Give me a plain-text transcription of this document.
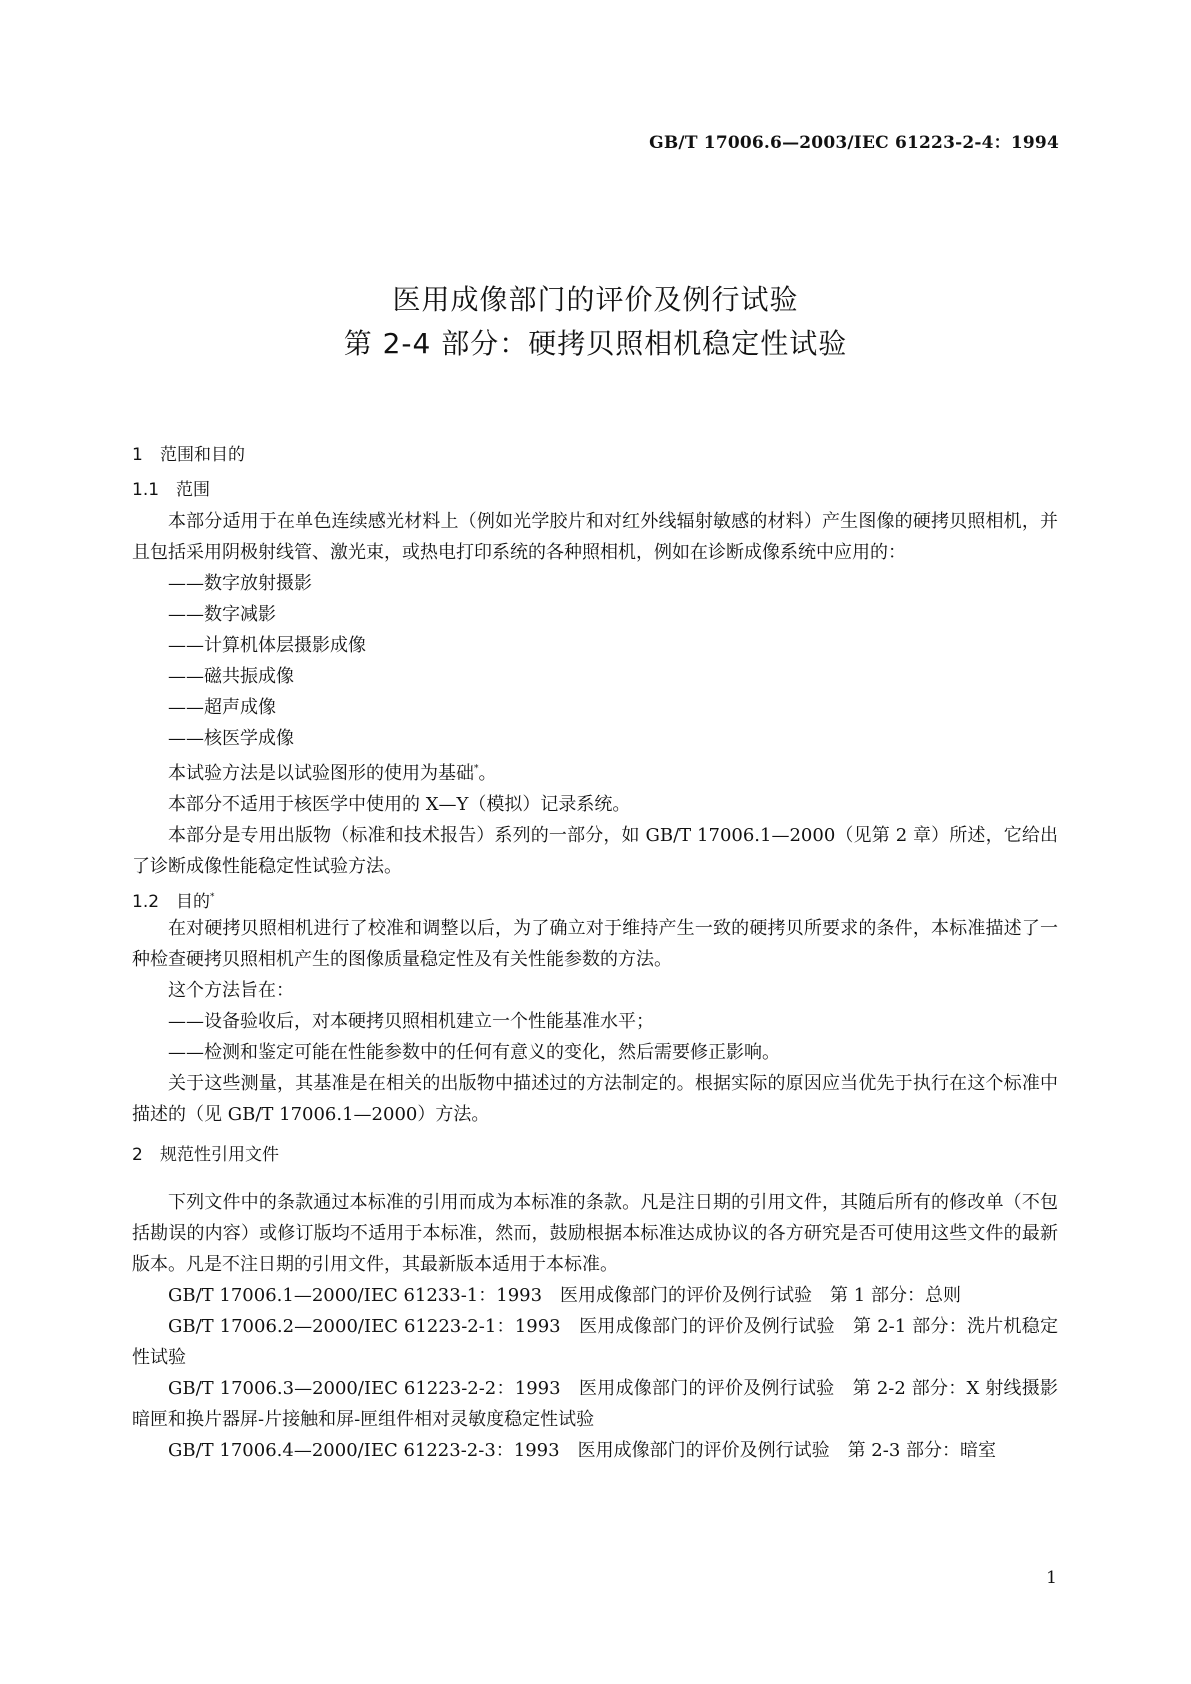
GB/T 17006.6—2003/IEC 61223-2-4：1994
医用成像部门的评价及例行试验
第 2-4 部分：硬拷贝照相机稳定性试验
1 范围和目的
1.1 范围

本部分适用于在单色连续感光材料上（例如光学胶片和对红外线辐射敏感的材料）产生图像的硬拷贝照相机，并且包括采用阴极射线管、激光束，或热电打印系统的各种照相机，例如在诊断成像系统中应用的：

——数字放射摄影

——数字减影

——计算机体层摄影成像

——磁共振成像

——超声成像

——核医学成像

本试验方法是以试验图形的使用为基础*。

本部分不适用于核医学中使用的 X—Y（模拟）记录系统。

本部分是专用出版物（标准和技术报告）系列的一部分，如 GB/T 17006.1—2000（见第 2 章）所述，它给出了诊断成像性能稳定性试验方法。

1.2 目的*

在对硬拷贝照相机进行了校准和调整以后，为了确立对于维持产生一致的硬拷贝所要求的条件，本标准描述了一种检查硬拷贝照相机产生的图像质量稳定性及有关性能参数的方法。

这个方法旨在：

——设备验收后，对本硬拷贝照相机建立一个性能基准水平；

——检测和鉴定可能在性能参数中的任何有意义的变化，然后需要修正影响。

关于这些测量，其基准是在相关的出版物中描述过的方法制定的。根据实际的原因应当优先于执行在这个标准中描述的（见 GB/T 17006.1—2000）方法。

2 规范性引用文件

下列文件中的条款通过本标准的引用而成为本标准的条款。凡是注日期的引用文件，其随后所有的修改单（不包括勘误的内容）或修订版均不适用于本标准，然而，鼓励根据本标准达成协议的各方研究是否可使用这些文件的最新版本。凡是不注日期的引用文件，其最新版本适用于本标准。

GB/T 17006.1—2000/IEC 61233-1：1993　医用成像部门的评价及例行试验　第 1 部分：总则

GB/T 17006.2—2000/IEC 61223-2-1：1993　医用成像部门的评价及例行试验　第 2-1 部分：洗片机稳定性试验

GB/T 17006.3—2000/IEC 61223-2-2：1993　医用成像部门的评价及例行试验　第 2-2 部分：X 射线摄影暗匣和换片器屏-片接触和屏-匣组件相对灵敏度稳定性试验

GB/T 17006.4—2000/IEC 61223-2-3：1993　医用成像部门的评价及例行试验　第 2-3 部分：暗室

1
